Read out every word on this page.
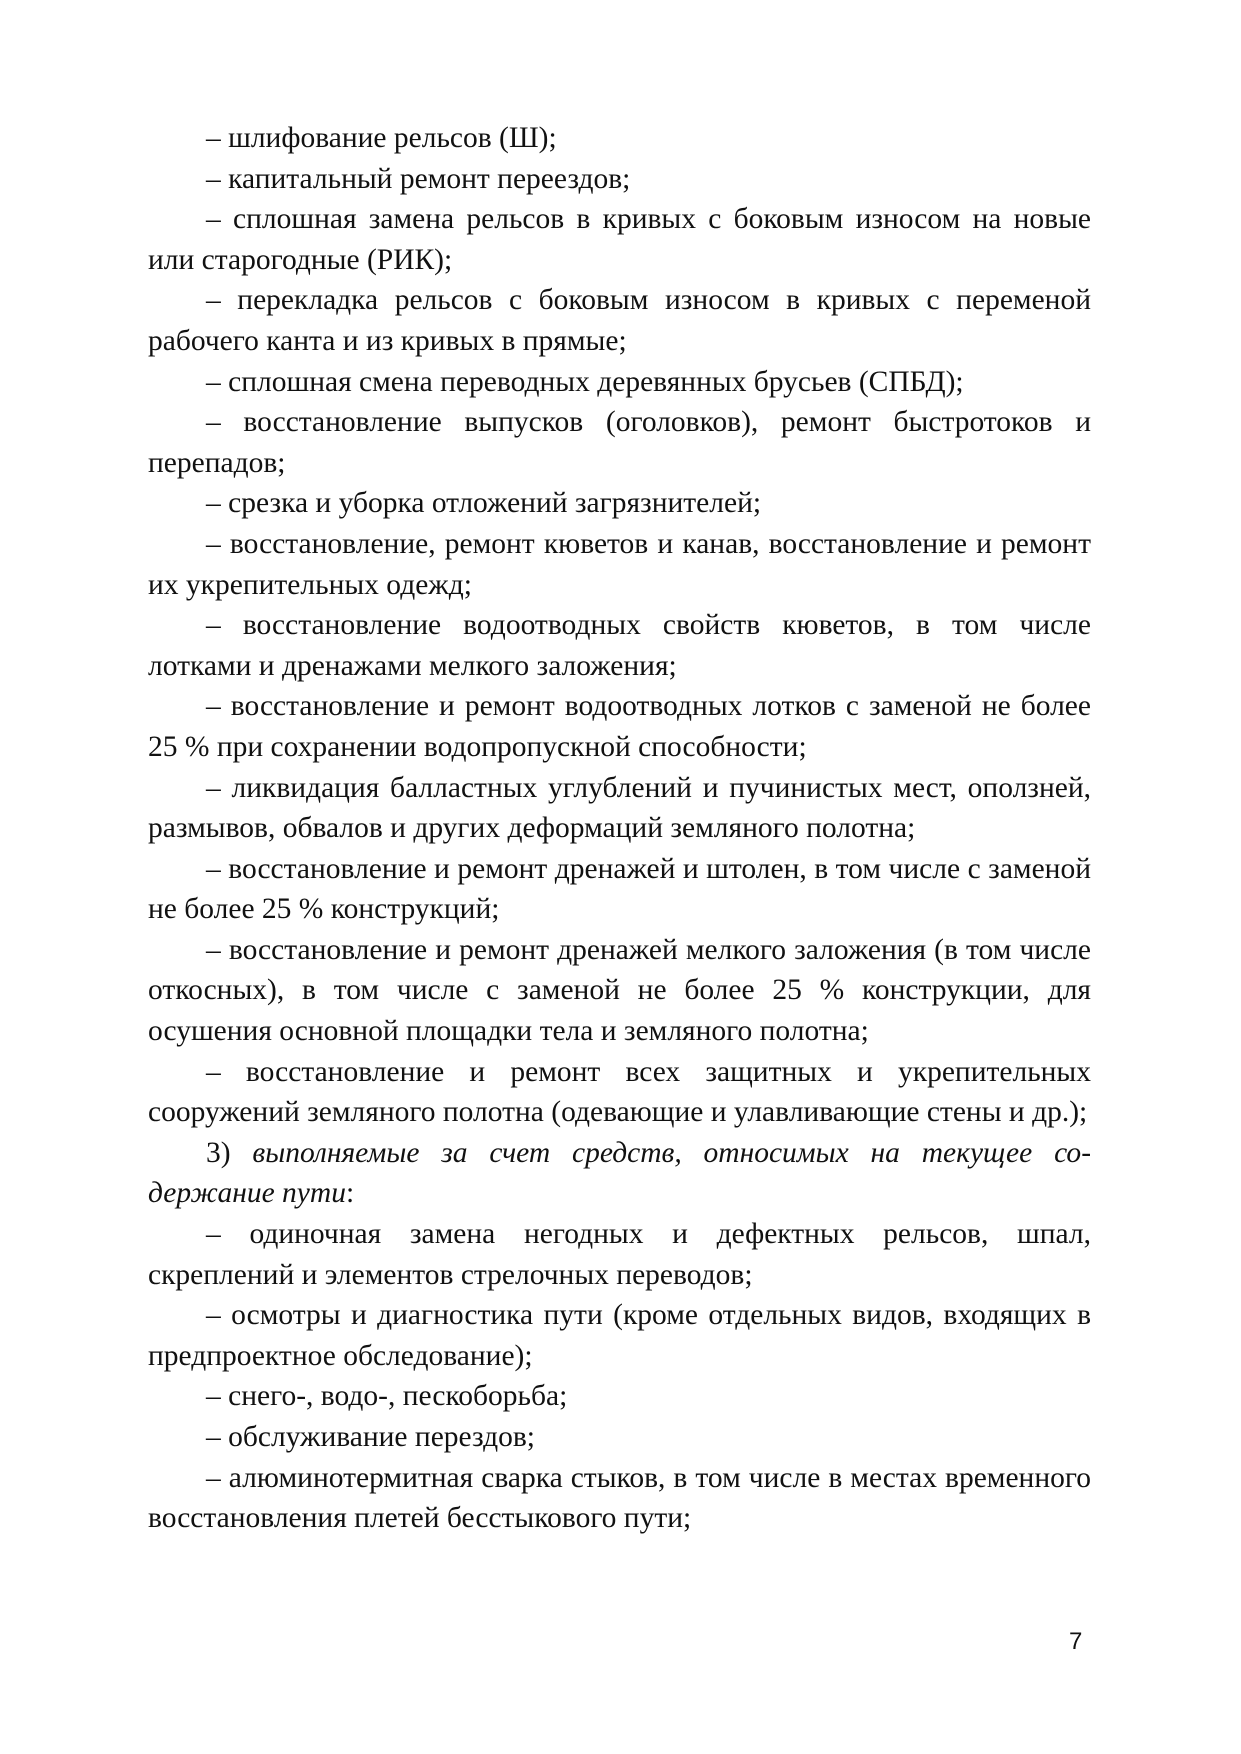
– шлифование рельсов (Ш);

– капитальный ремонт переездов;

– сплошная замена рельсов в кривых с боковым износом на новые или старогодные (РИК);

– перекладка рельсов с боковым износом в кривых с переменой рабочего канта и из кривых в прямые;

– сплошная смена переводных деревянных брусьев (СПБД);

– восстановление выпусков (оголовков), ремонт быстротоков и перепадов;

– срезка и уборка отложений загрязнителей;

– восстановление, ремонт кюветов и канав, восстановление и ремонт их укрепительных одежд;

– восстановление водоотводных свойств кюветов, в том числе лотками и дренажами мелкого заложения;

– восстановление и ремонт водоотводных лотков с заменой не более 25 % при сохранении водопропускной способности;

– ликвидация балластных углублений и пучинистых мест, оползней, размывов, обвалов и других деформаций земляного полотна;

– восстановление и ремонт дренажей и штолен, в том числе с заменой не более 25 % конструкций;

– восстановление и ремонт дренажей мелкого заложения (в том числе откосных), в том числе с заменой не более 25 % конструкции, для осушения основной площадки тела и земляного полотна;

– восстановление и ремонт всех защитных и укрепительных сооружений земляного полотна (одевающие и улавливающие стены и др.);

3) выполняемые за счет средств, относимых на текущее содержание пути:

– одиночная замена негодных и дефектных рельсов, шпал, скреплений и элементов стрелочных переводов;

– осмотры и диагностика пути (кроме отдельных видов, входящих в предпроектное обследование);

– снего-, водо-, пескоборьба;

– обслуживание перездов;

– алюминотермитная сварка стыков, в том числе в местах временного восстановления плетей бесстыкового пути;

7
